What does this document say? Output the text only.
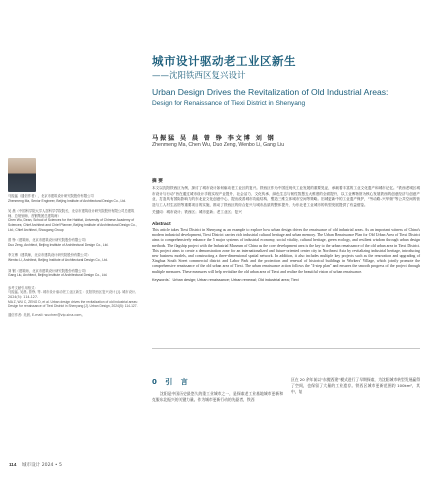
城市设计驱动老工业区新生
——沈阳铁西区复兴设计
Urban Design Drives the Revitalization of Old Industrial Areas:
Design for Renaissance of Tiexi District in Shenyang
马振猛 吴 晨 曾 铮 李文博 刘 钢
Zhenmeng Ma, Chen Wu, Duo Zeng, Wenbo Li, Gang Liu
马振猛（通信作者），北京市建筑设计研究院股份有限公司
Zhenmeng Ma, Senior Engineer, Beijing Institute of Architectural Design Co., Ltd.
吴 晨（中国科学院大学人居科学学院院长，北京市建筑设计研究院股份有限公司总建筑师、总规划师、首钢集团总建筑师）
Chen Wu, Dean, School of Sciences for the Habitat, University of Chinese Academy of Sciences; Chief Architect and Chief Planner, Beijing Institute of Architectural Design Co., Ltd.; Chief Architect, Shougang Group
曾 铮（建筑师，北京市建筑设计研究院股份有限公司）
Duo Zeng, Architect, Beijing Institute of Architectural Design Co., Ltd.
李文博（建筑师，北京市建筑设计研究院股份有限公司）
Wenbo Li, Architect, Beijing Institute of Architectural Design Co., Ltd.
刘 钢（建筑师，北京市建筑设计研究院股份有限公司）
Gang Liu, Architect, Beijing Institute of Architectural Design Co., Ltd.
参考文献引用格式：
马振猛, 吴晨, 曾铮, 等. 城市设计驱动老工业区新生：沈阳铁西区复兴设计 [J]. 城市设计, 2024(5): 114-127.
MA Z, WU C, ZENG D, et al. Urban design drives the revitalization of old industrial areas: Design for renaissance of Tiexi District in Shenyang [J]. Urban Design, 2024(5): 114-127.
通信作者: 吴晨, E-mail: wuchen@vip.sina.com。
摘 要
本文以沈阳铁西区为例，探讨了城市设计如何驱动老工业区的复兴。铁西区作为中国近现代工业发展的重要见证，承载着丰富的工业文化遗产和城市记忆。“铁西老城区城市设计与行动”旨在通过城市设计手段实现产业提升、社会活力、文化传承、绿色生态与韧性智慧五大维度的全面提升，以工业博物馆为核心发展铁西的创意经济与创意产业，打造具有国际影响力的东北亚文化创意中心，提出改善城市功能结构、塑造三维立体城市空间等策略。旧城更新中的工业遗产保护，“劳动路–兴华街”等公共空间的营造与工人村生活馆等重要项目的实施，推动了铁西区的综合复兴与城市品质的整体提升，为东北老工业城市的转型发展提供了有益借鉴。
关键词：城市设计；铁西区；城市更新；老工业区；复兴
Abstract
This article takes Tiexi District in Shenyang as an example to explore how urban design drives the renaissance of old industrial areas. As an important witness of China's modern industrial development, Tiexi District carries rich industrial cultural heritage and urban memory. The Urban Renaissance Plan for Old Urban Area of Tiexi District aims to comprehensively enhance the 5 major systems of industrial economy, social vitality, cultural heritage, green ecology, and resilient wisdom through urban design methods. The flagship project with the Industrial Museum of China as the core development area is the key to the urban renaissance of the old urban area in Tiexi District. This project aims to create a demonstration zone for an internationalized and future-oriented center city in Northeast Asia by revitalizing industrial heritage, introducing new business models, and constructing a three-dimensional spatial network. In addition, it also includes multiple key projects such as the renovation and upgrading of Xinghua South Street commercial district and Labor Park and the protection and renewal of historical buildings in Workers' Village, which jointly promote the comprehensive renaissance of the old urban area of Tiexi. The urban renaissance action follows the "4-step plan" and ensures the smooth progress of the project through multiple measures. These measures will help revitalize the old urban area of Tiexi and realize the beautiful vision of urban renaissance.
Keywords：Urban design; Urban renaissance; Urban renewal; Old industrial area; Tiexi
0 引 言
沈阳是中国历史最悠久的重工业城市之一，是探索老工业基地城市更新和克服东北振兴的关键力量。作为城市更新行动的先驱者，铁西
区在 20 余年前以“东搬西建”模式进行了早期探索，为沈阳城市转型发展赢得了空间，也保留了大量的工业遗存。铁西区城市更新范围约 100km²，其中，复
114 城市设计 2024 • 5
